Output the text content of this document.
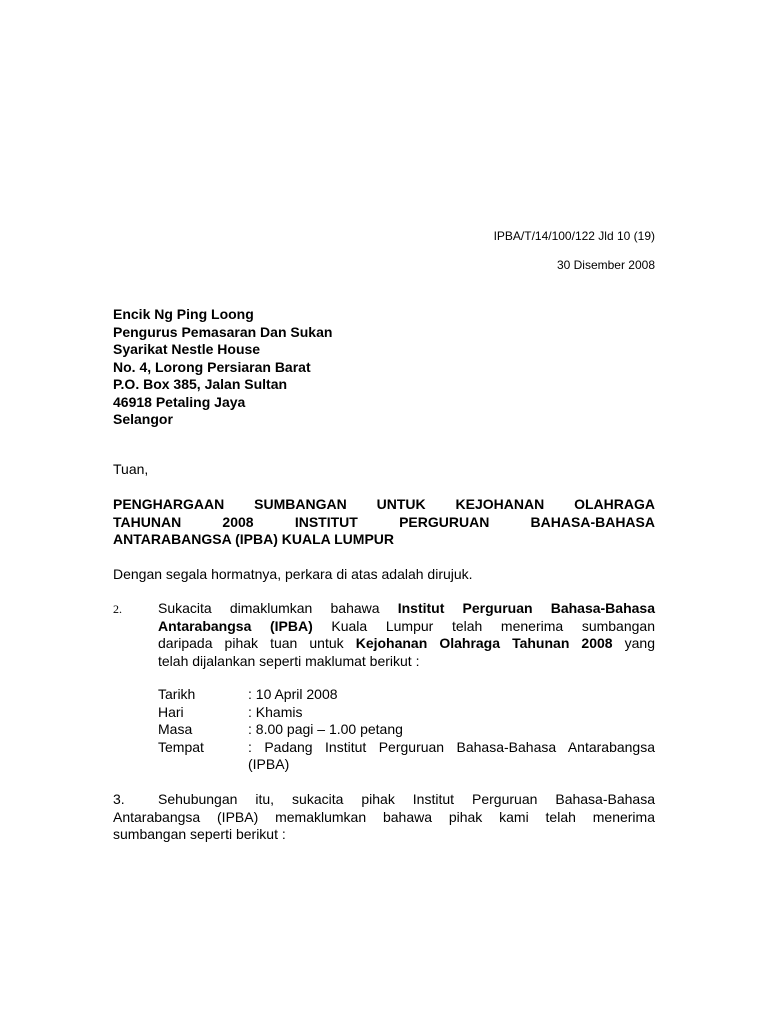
IPBA/T/14/100/122 Jld 10 (19)
30 Disember 2008
Encik Ng Ping Loong
Pengurus Pemasaran Dan Sukan
Syarikat Nestle House
No. 4, Lorong Persiaran Barat
P.O. Box 385, Jalan Sultan
46918 Petaling Jaya
Selangor
Tuan,
PENGHARGAAN SUMBANGAN UNTUK KEJOHANAN OLAHRAGA
TAHUNAN 2008 INSTITUT PERGURUAN BAHASA-BAHASA
ANTARABANGSA (IPBA) KUALA LUMPUR
Dengan segala hormatnya, perkara di atas adalah dirujuk.
2.	Sukacita dimaklumkan bahawa Institut Perguruan Bahasa-Bahasa
Antarabangsa (IPBA) Kuala Lumpur telah menerima sumbangan
daripada pihak tuan untuk Kejohanan Olahraga Tahunan 2008 yang
telah dijalankan seperti maklumat berikut :
Tarikh	: 10 April 2008
Hari	: Khamis
Masa	: 8.00 pagi – 1.00 petang
Tempat	: Padang Institut Perguruan Bahasa-Bahasa Antarabangsa
(IPBA)
3. Sehubungan itu, sukacita pihak Institut Perguruan Bahasa-Bahasa
Antarabangsa (IPBA) memaklumkan bahawa pihak kami telah menerima
sumbangan seperti berikut :
